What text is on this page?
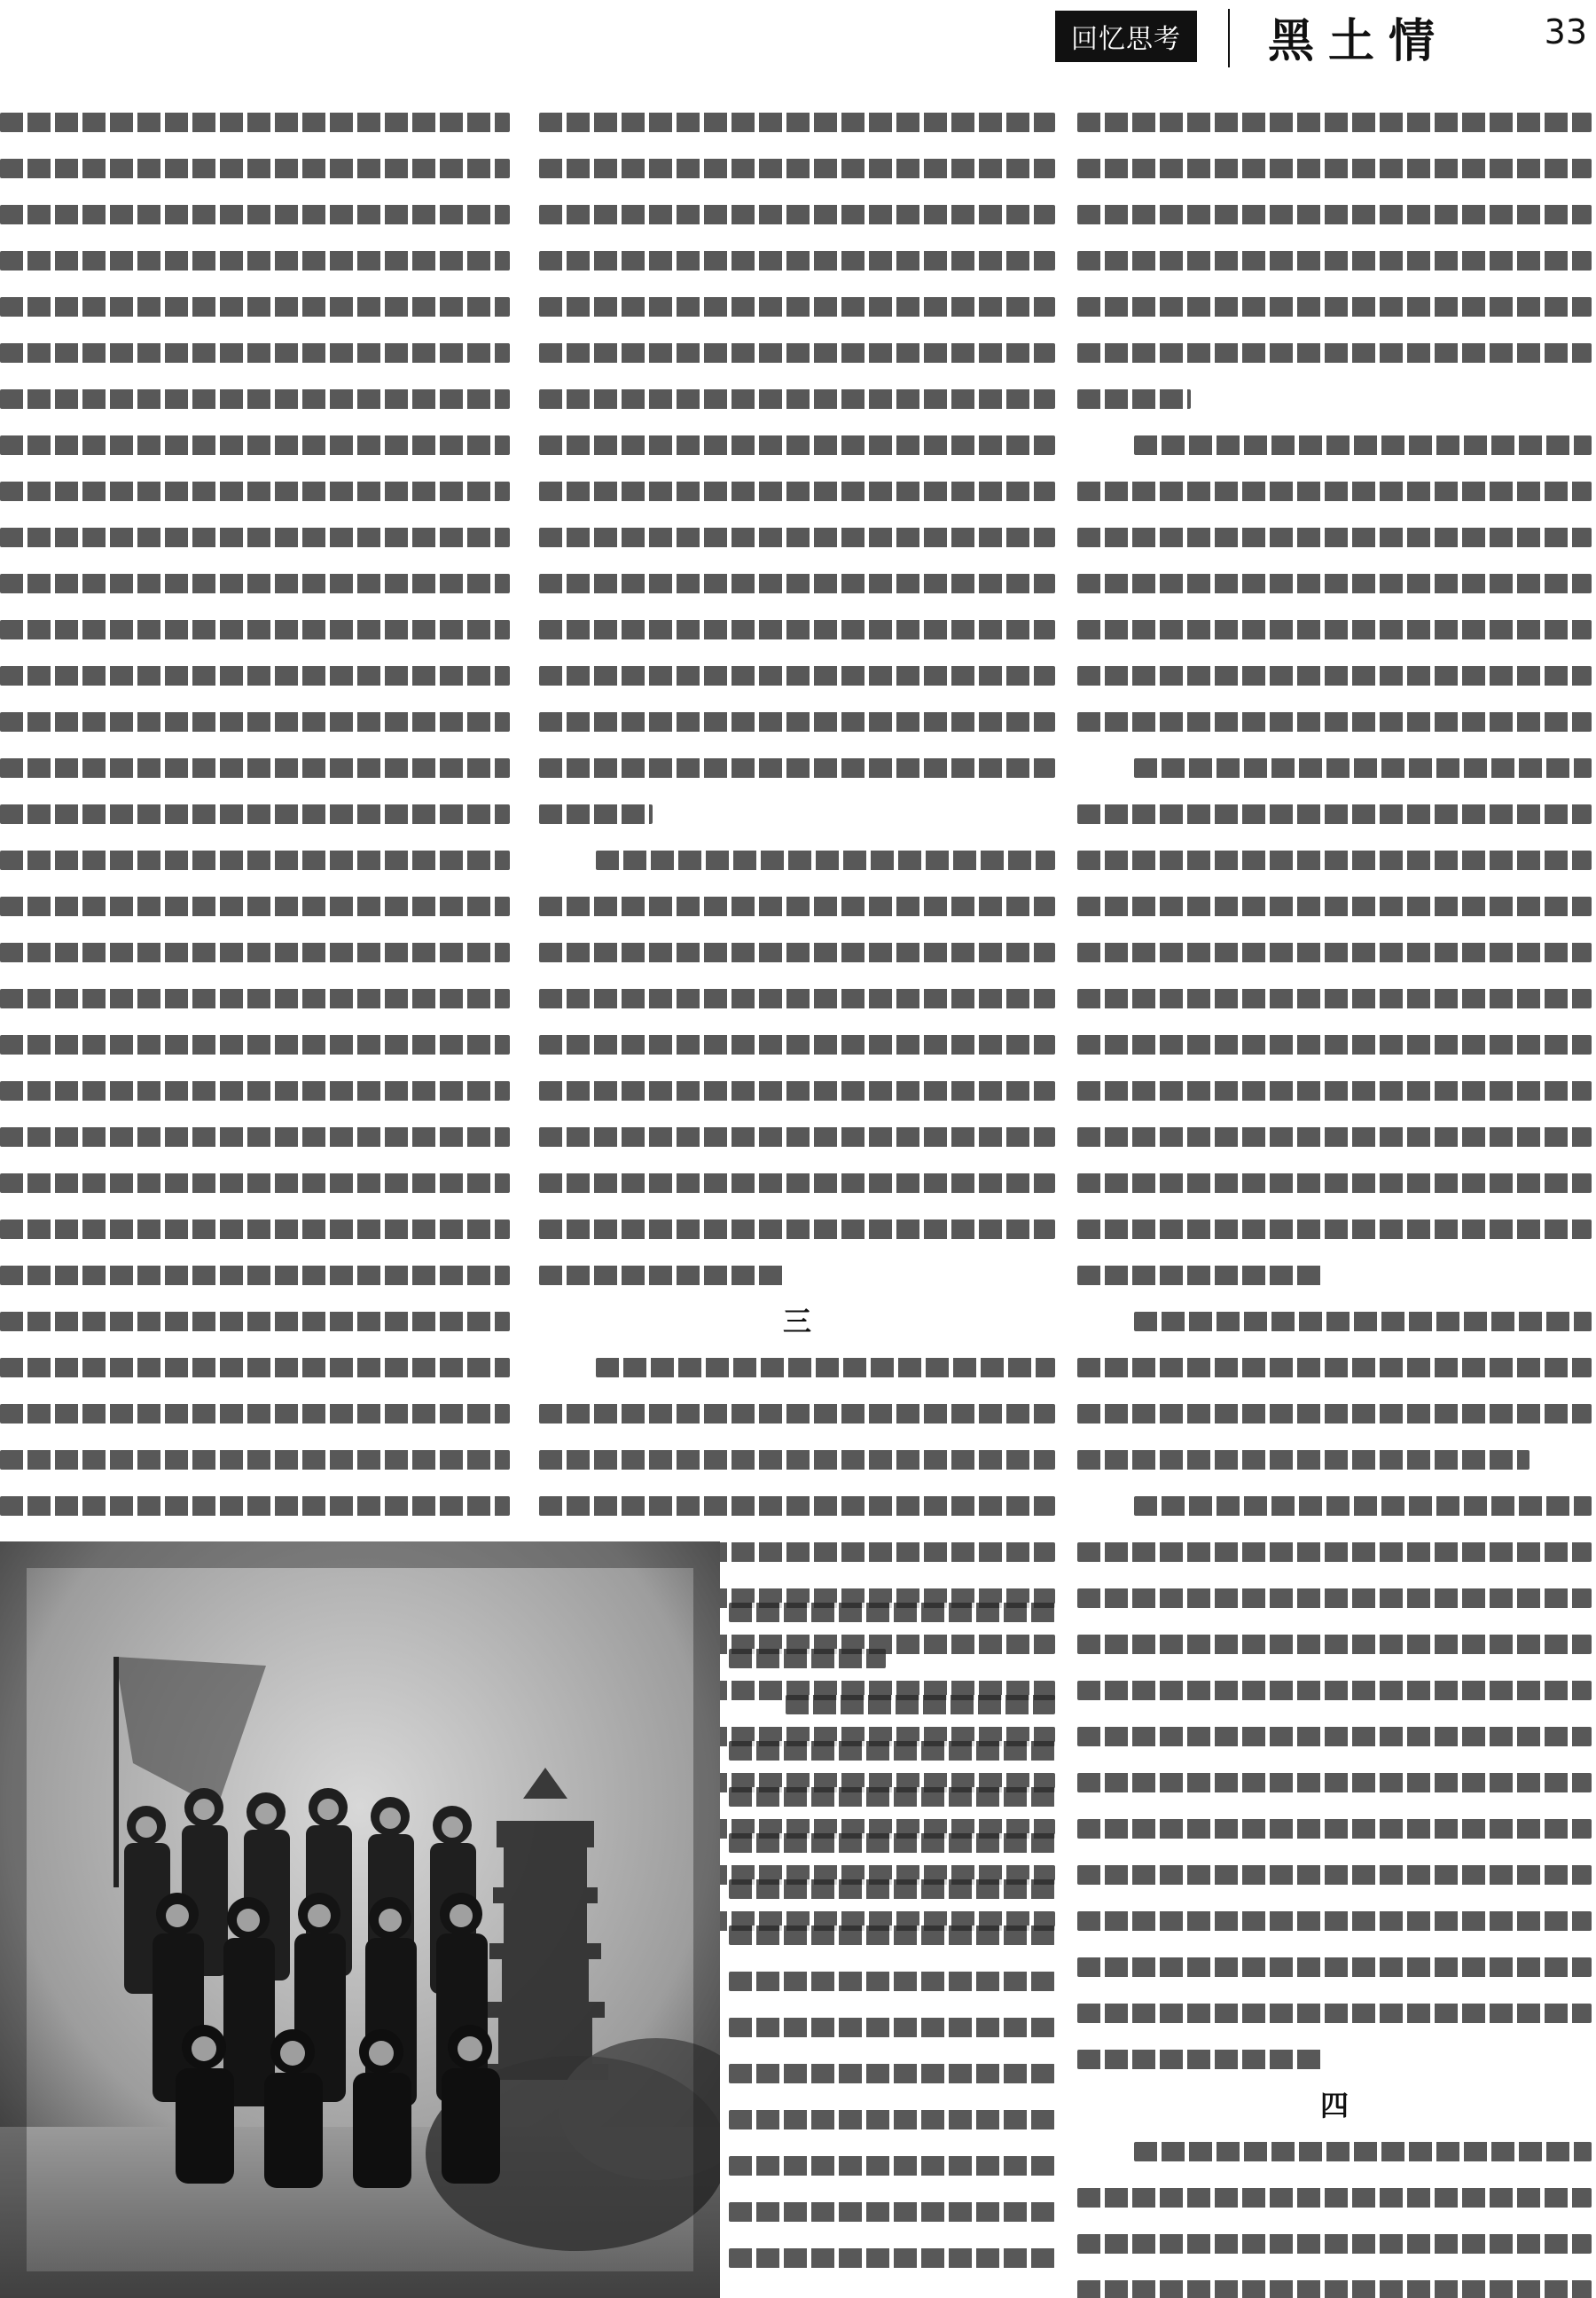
回忆思考	黑土情	33
三
四
